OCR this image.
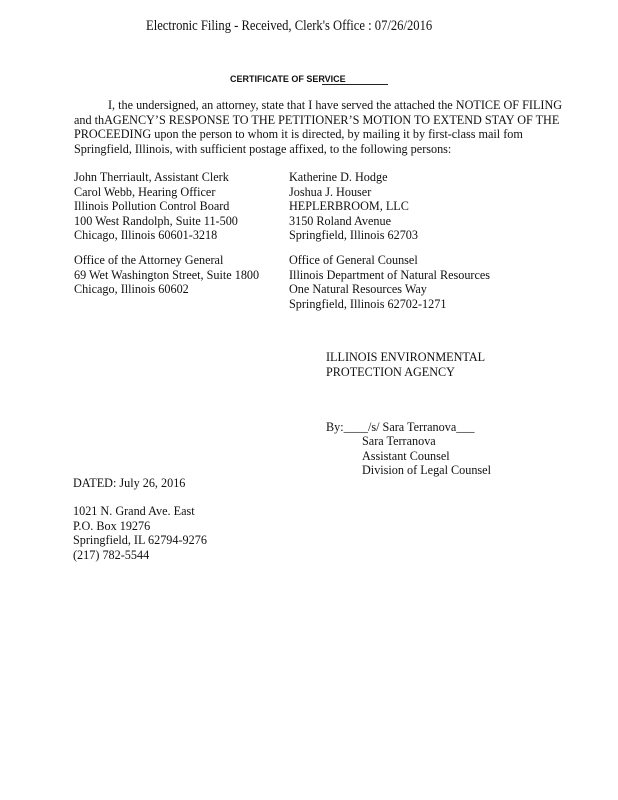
Electronic Filing - Received, Clerk's Office : 07/26/2016
CERTIFICATE OF SERVICE
I, the undersigned, an attorney, state that I have served the attached the NOTICE OF FILING and thAGENCY’S RESPONSE TO THE PETITIONER’S MOTION TO EXTEND STAY OF THE PROCEEDING upon the person to whom it is directed, by mailing it by first-class mail fom Springfield, Illinois, with sufficient postage affixed, to the following persons:
John Therriault, Assistant Clerk
Carol Webb, Hearing Officer
Illinois Pollution Control Board
100 West Randolph, Suite 11-500
Chicago, Illinois 60601-3218
Katherine D. Hodge
Joshua J. Houser
HEPLERBROOM, LLC
3150 Roland Avenue
Springfield, Illinois 62703
Office of the Attorney General
69 Wet Washington Street, Suite 1800
Chicago, Illinois 60602
Office of General Counsel
Illinois Department of Natural Resources
One Natural Resources Way
Springfield, Illinois 62702-1271
ILLINOIS ENVIRONMENTAL
PROTECTION AGENCY
By:____/s/ Sara Terranova___
Sara Terranova
Assistant Counsel
Division of Legal Counsel
DATED: July 26, 2016
1021 N. Grand Ave. East
P.O. Box 19276
Springfield, IL 62794-9276
(217) 782-5544
